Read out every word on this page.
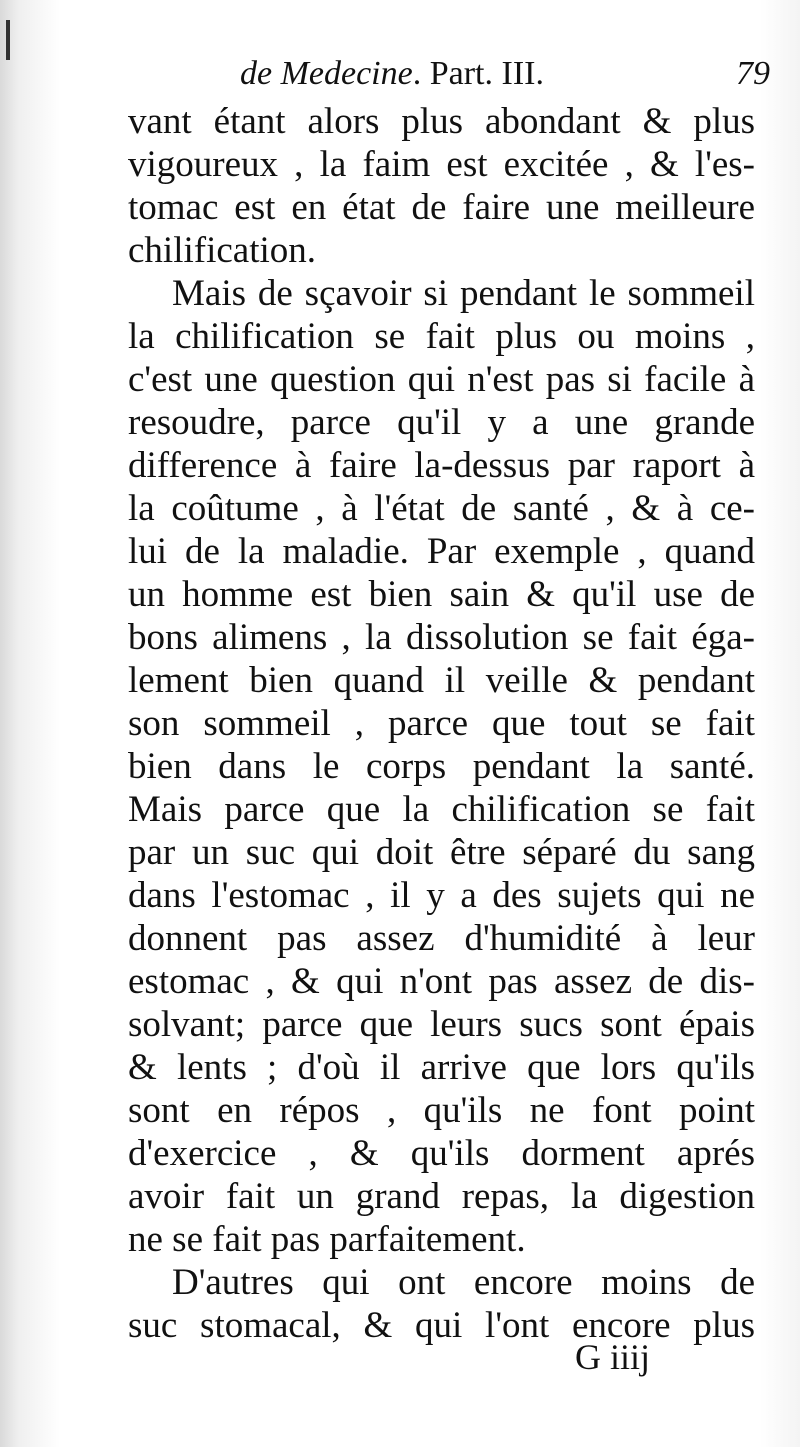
de Medecine. Part. III.	79
vant étant alors plus abondant & plus
vigoureux , la faim est excitée , & l'es-
tomac est en état de faire une meilleure
chilification.
Mais de sçavoir si pendant le sommeil
la chilification se fait plus ou moins ,
c'est une question qui n'est pas si facile à
resoudre, parce qu'il y a une grande
difference à faire la-dessus par raport à
la coûtume , à l'état de santé , & à ce-
lui de la maladie. Par exemple , quand
un homme est bien sain & qu'il use de
bons alimens , la dissolution se fait éga-
lement bien quand il veille & pendant
son sommeil , parce que tout se fait
bien dans le corps pendant la santé.
Mais parce que la chilification se fait
par un suc qui doit être séparé du sang
dans l'estomac , il y a des sujets qui ne
donnent pas assez d'humidité à leur
estomac , & qui n'ont pas assez de dis-
solvant; parce que leurs sucs sont épais
& lents ; d'où il arrive que lors qu'ils
sont en répos , qu'ils ne font point
d'exercice , & qu'ils dorment aprés
avoir fait un grand repas, la digestion
ne se fait pas parfaitement.
D'autres qui ont encore moins de
suc stomacal, & qui l'ont encore plus
G iiij
